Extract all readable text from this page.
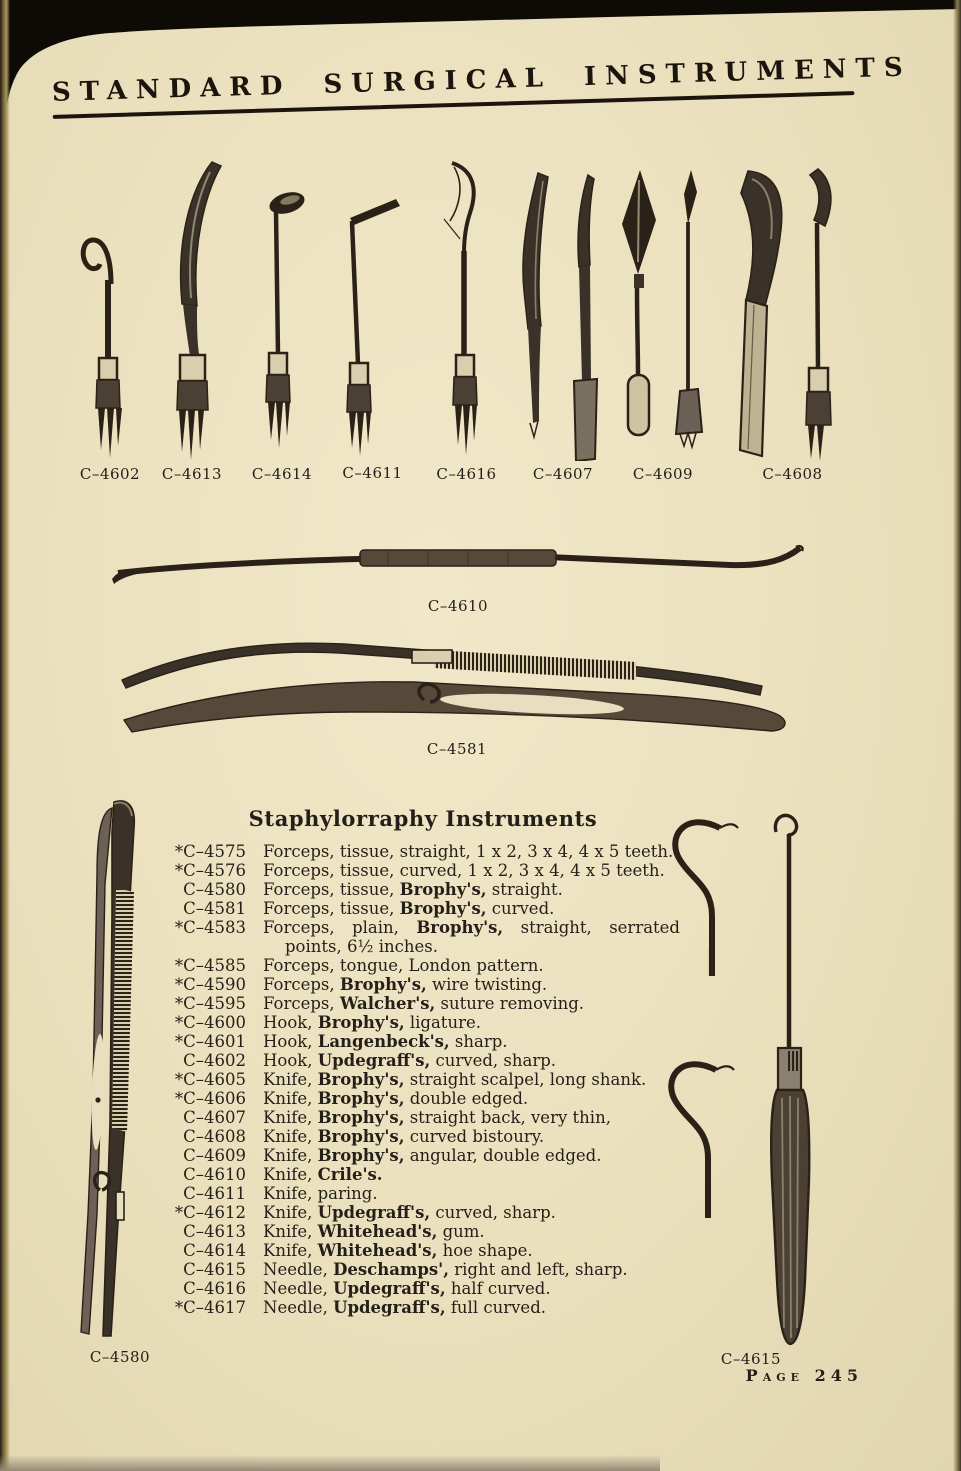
STANDARD SURGICAL INSTRUMENTS
C–4602	C–4613	C–4614	C–4611	C–4616	C–4607	C–4609	C–4608
C–4610
C–4581
C–4580	C–4615
Staphylorraphy Instruments
*C–4575 Forceps, tissue, straight, 1 x 2, 3 x 4, 4 x 5 teeth.
*C–4576 Forceps, tissue, curved, 1 x 2, 3 x 4, 4 x 5 teeth.
C–4580 Forceps, tissue, Brophy's, straight.
C–4581 Forceps, tissue, Brophy's, curved.
*C–4583 Forceps, plain, Brophy's, straight, serrated points, 6½ inches.
*C–4585 Forceps, tongue, London pattern.
*C–4590 Forceps, Brophy's, wire twisting.
*C–4595 Forceps, Walcher's, suture removing.
*C–4600 Hook, Brophy's, ligature.
*C–4601 Hook, Langenbeck's, sharp.
C–4602 Hook, Updegraff's, curved, sharp.
*C–4605 Knife, Brophy's, straight scalpel, long shank.
*C–4606 Knife, Brophy's, double edged.
C–4607 Knife, Brophy's, straight back, very thin,
C–4608 Knife, Brophy's, curved bistoury.
C–4609 Knife, Brophy's, angular, double edged.
C–4610 Knife, Crile's.
C–4611 Knife, paring.
*C–4612 Knife, Updegraff's, curved, sharp.
C–4613 Knife, Whitehead's, gum.
C–4614 Knife, Whitehead's, hoe shape.
C–4615 Needle, Deschamps', right and left, sharp.
C–4616 Needle, Updegraff's, half curved.
*C–4617 Needle, Updegraff's, full curved.
Page 245
